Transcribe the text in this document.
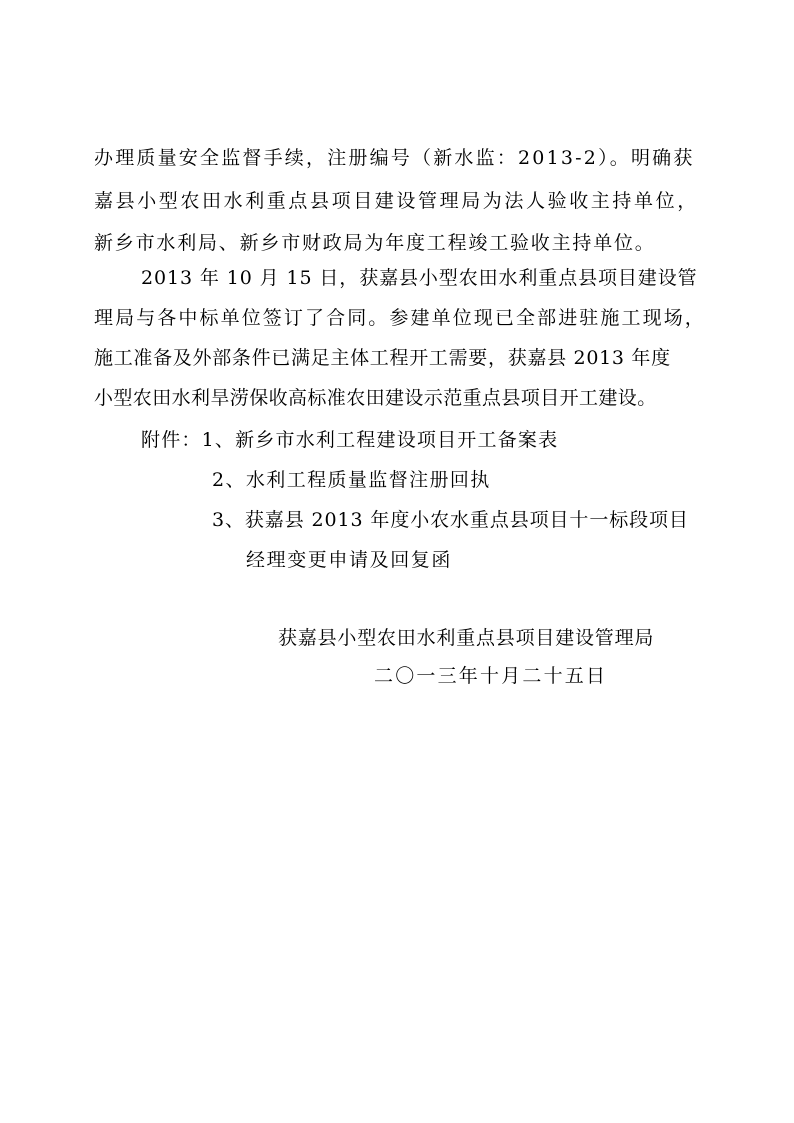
办理质量安全监督手续，注册编号（新水监：2013-2）。明确获
嘉县小型农田水利重点县项目建设管理局为法人验收主持单位，
新乡市水利局、新乡市财政局为年度工程竣工验收主持单位。
2013 年 10 月 15 日，获嘉县小型农田水利重点县项目建设管
理局与各中标单位签订了合同。参建单位现已全部进驻施工现场，
施工准备及外部条件已满足主体工程开工需要，获嘉县 2013 年度
小型农田水利旱涝保收高标准农田建设示范重点县项目开工建设。
附件：1、新乡市水利工程建设项目开工备案表
2、水利工程质量监督注册回执
3、获嘉县 2013 年度小农水重点县项目十一标段项目
经理变更申请及回复函
获嘉县小型农田水利重点县项目建设管理局
二〇一三年十月二十五日
